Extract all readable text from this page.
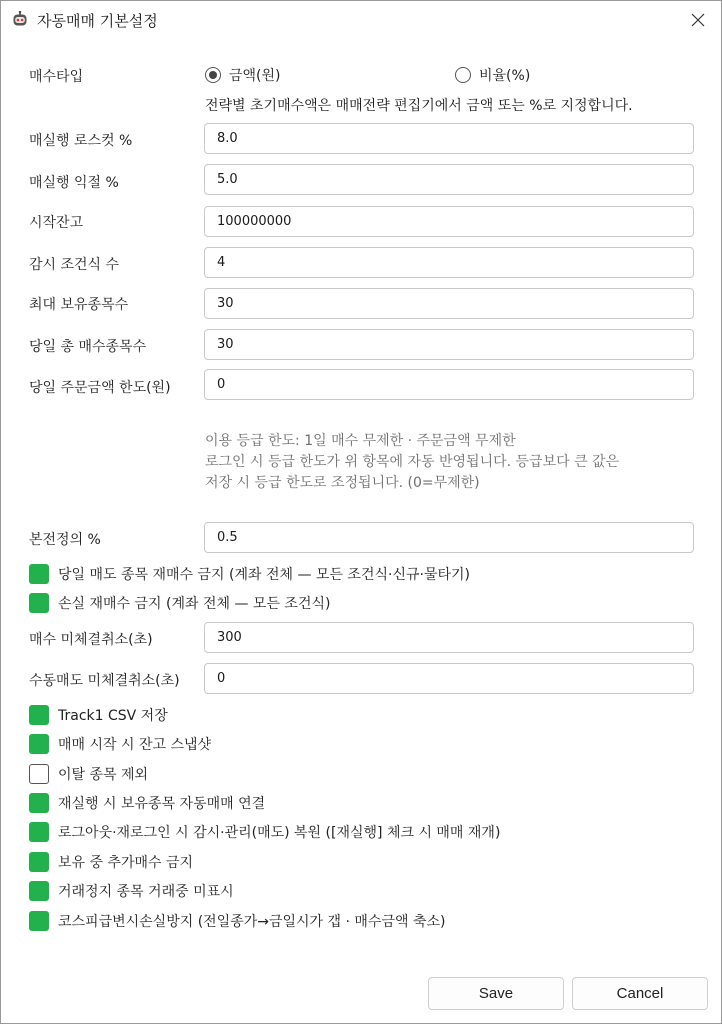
자동매매 기본설정
매수타입	금액(원)	비율(%)
전략별 초기매수액은 매매전략 편집기에서 금액 또는 %로 지정합니다.
매실행 로스컷 %
8.0
매실행 익절 %
5.0
시작잔고
100000000
감시 조건식 수
4
최대 보유종목수
30
당일 총 매수종목수
30
당일 주문금액 한도(원)
0
이용 등급 한도: 1일 매수 무제한 · 주문금액 무제한
로그인 시 등급 한도가 위 항목에 자동 반영됩니다. 등급보다 큰 값은
저장 시 등급 한도로 조정됩니다. (0=무제한)
본전정의 %
0.5
당일 매도 종목 재매수 금지 (계좌 전체 — 모든 조건식·신규·물타기)
손실 재매수 금지 (계좌 전체 — 모든 조건식)
매수 미체결취소(초)
300
수동매도 미체결취소(초)
0
Track1 CSV 저장
매매 시작 시 잔고 스냅샷
이탈 종목 제외
재실행 시 보유종목 자동매매 연결
로그아웃·재로그인 시 감시·관리(매도) 복원 ([재실행] 체크 시 매매 재개)
보유 중 추가매수 금지
거래정지 종목 거래중 미표시
코스피급변시손실방지 (전일종가→금일시가 갭 · 매수금액 축소)
Save	Cancel
